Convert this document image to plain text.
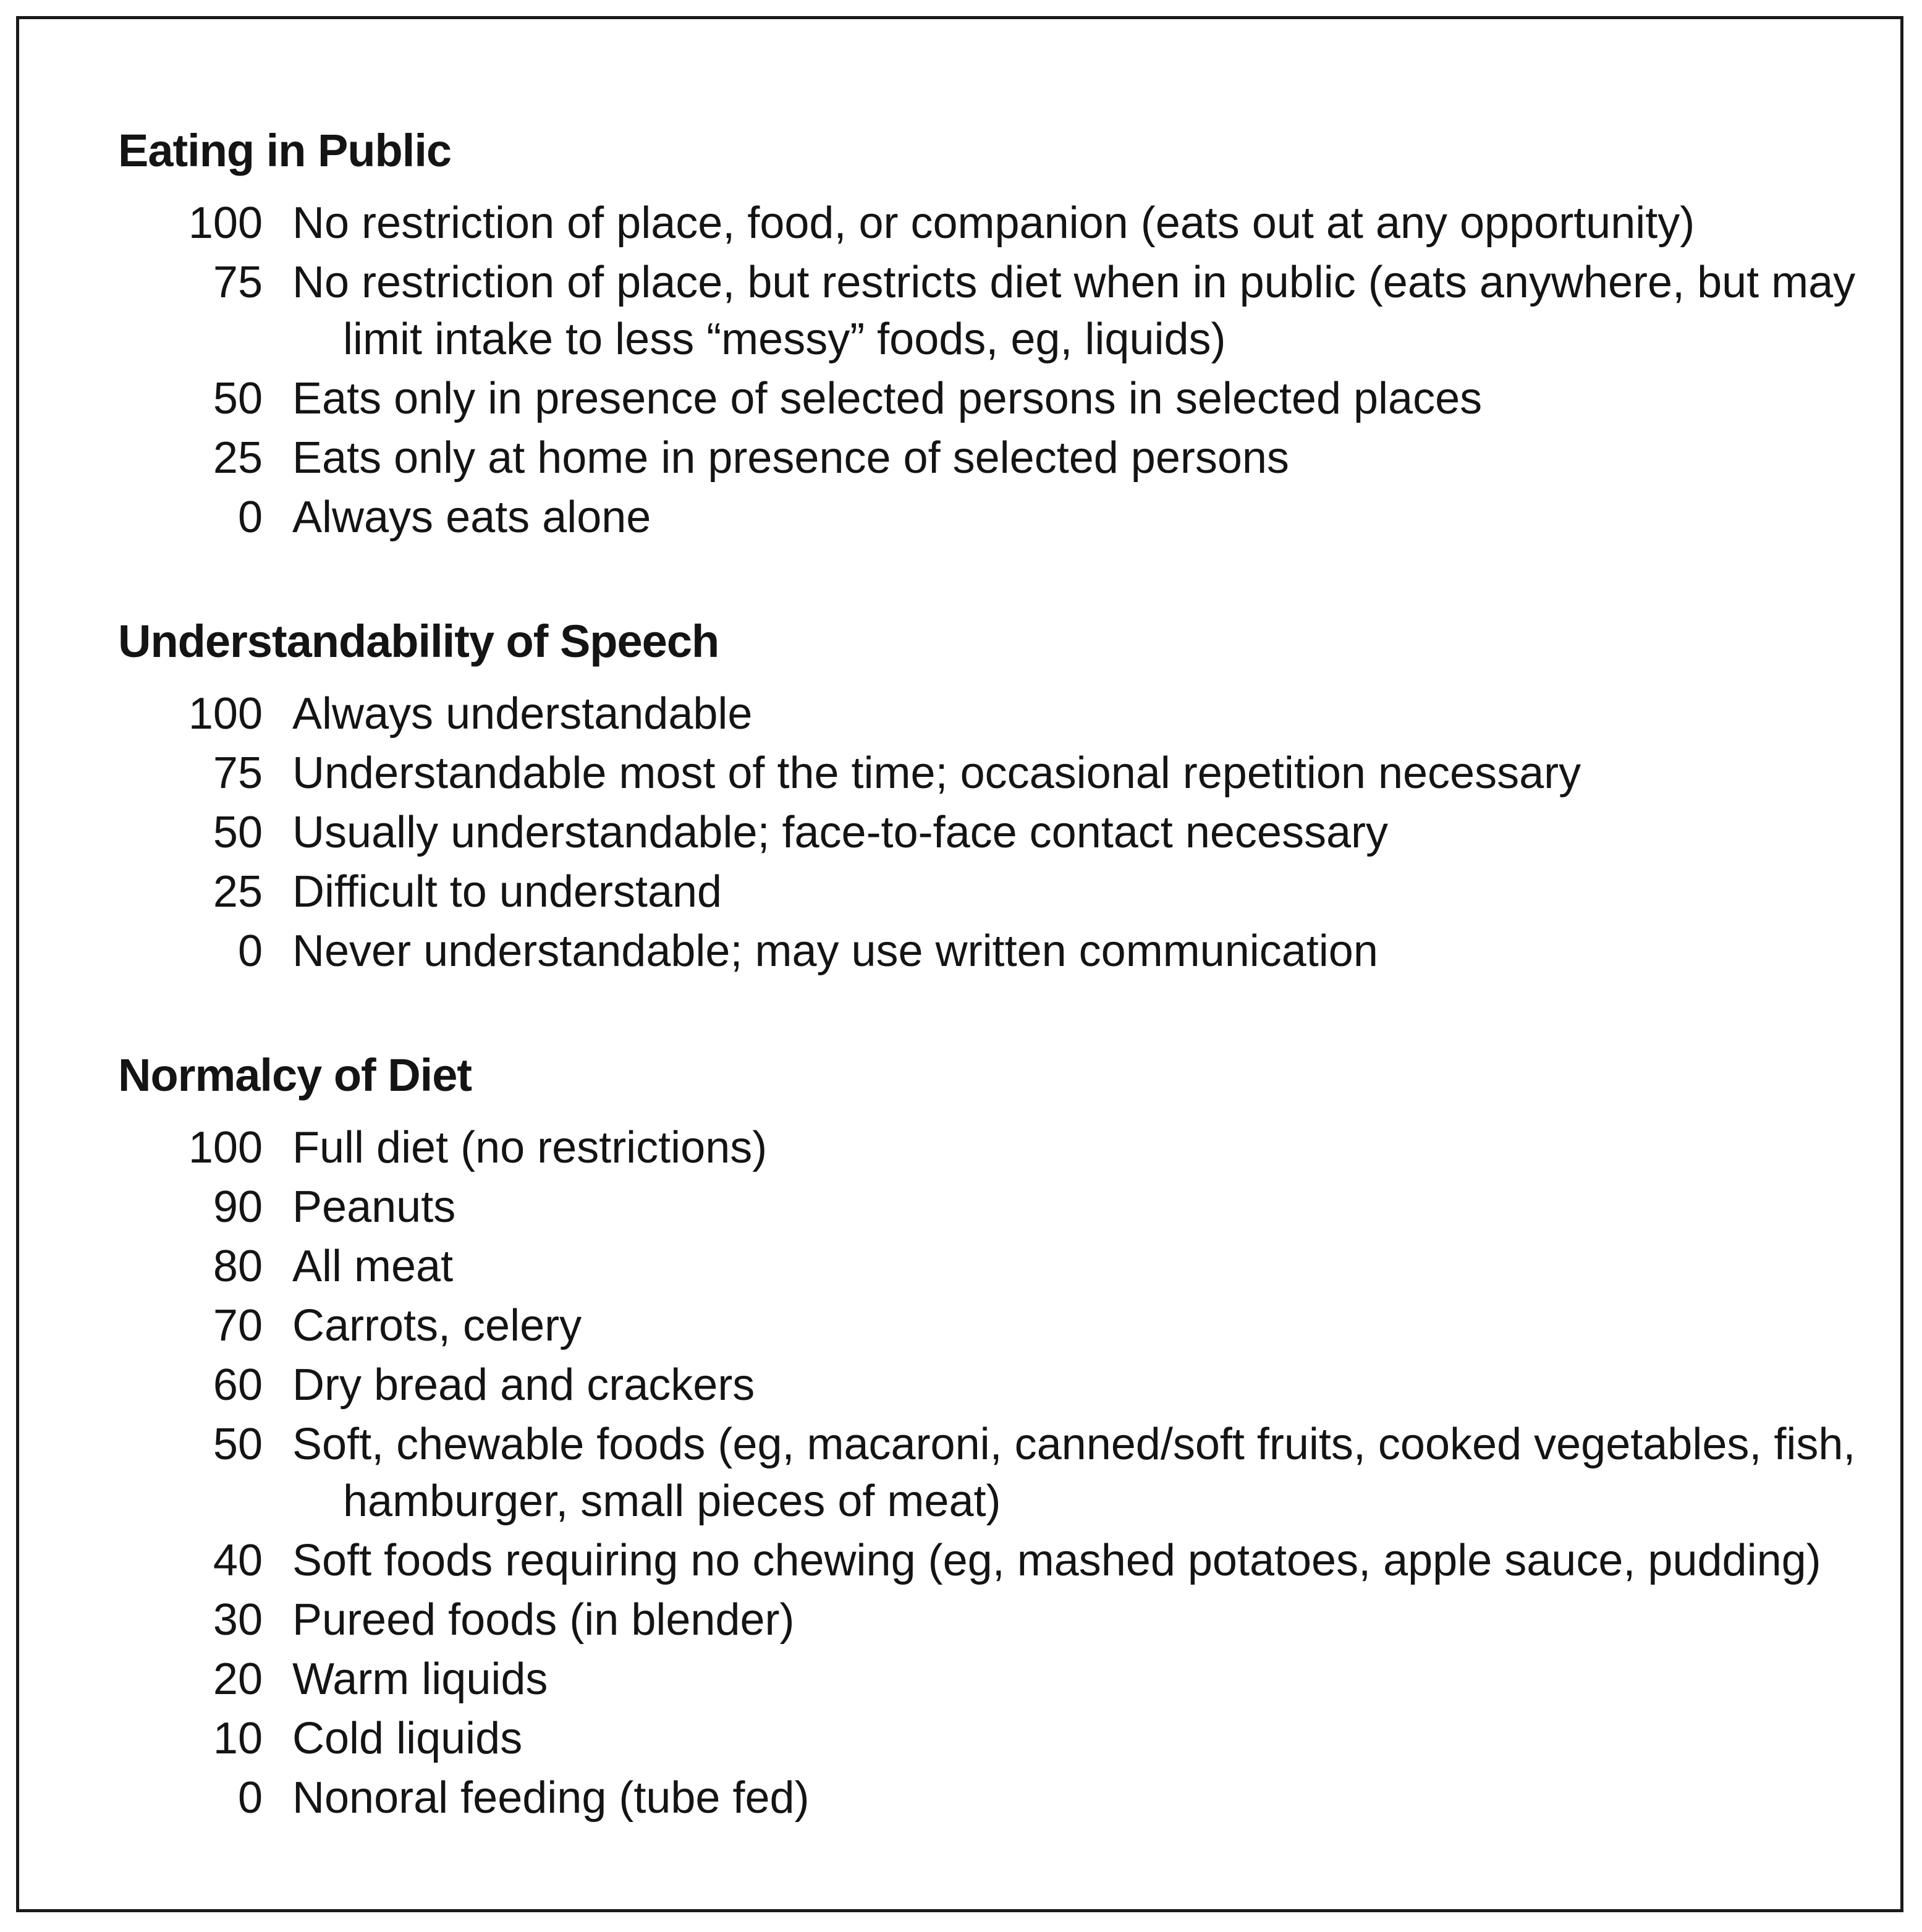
Eating in Public
100 No restriction of place, food, or companion (eats out at any opportunity)
75 No restriction of place, but restricts diet when in public (eats anywhere, but may limit intake to less “messy” foods, eg, liquids)
50 Eats only in presence of selected persons in selected places
25 Eats only at home in presence of selected persons
0 Always eats alone
Understandability of Speech
100 Always understandable
75 Understandable most of the time; occasional repetition necessary
50 Usually understandable; face-to-face contact necessary
25 Difficult to understand
0 Never understandable; may use written communication
Normalcy of Diet
100 Full diet (no restrictions)
90 Peanuts
80 All meat
70 Carrots, celery
60 Dry bread and crackers
50 Soft, chewable foods (eg, macaroni, canned/soft fruits, cooked vegetables, fish, hamburger, small pieces of meat)
40 Soft foods requiring no chewing (eg, mashed potatoes, apple sauce, pudding)
30 Pureed foods (in blender)
20 Warm liquids
10 Cold liquids
0 Nonoral feeding (tube fed)
